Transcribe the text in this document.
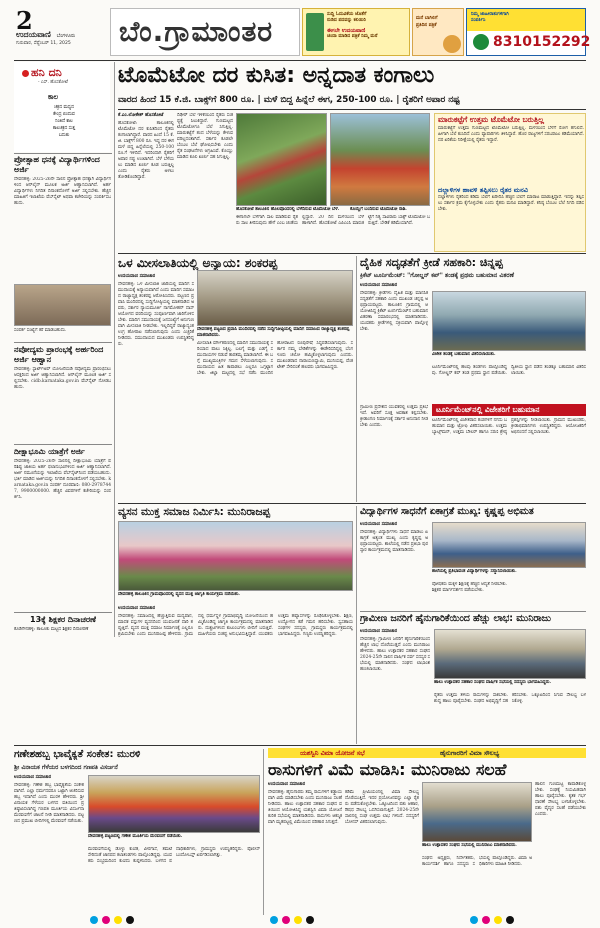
2
ಉದಯವಾಣಿ ಬೆಂಗಳೂರು
ಗುರುವಾರ, ಸೆಪ್ಟೆಂಬರ್ 11, 2025 ಬೆಂ.ಗ್ರಾಮಾಂತರ
ಸುದ್ದಿ ಓದುವಿಕೆಯ ಜೊತೆಗೆ
ನುಡಿದ ಪದವನ್ನು ಕಲಿಯಿರಿ
ಈಗಲೇ ಉದಯವಾಣಿ
ಚಂದಾ ಮಾಡಿದ ಪತ್ರಿಕೆ ನಿಮ್ಮ ಮನೆ
ಮನೆ ಬಾಗಿಲಿಗೆ
ಪ್ರತಿದಿನ ಪತ್ರಿಕೆ
ನಿಮ್ಮ ಜಾಹೀರಾತುಗಳಿಗಾಗಿ
ಸಂಪರ್ಕಿಸಿ
8310152292
ಹನಿ ದನಿ
- ಎಸ್. ಹೊಸಕೋಟೆ
ಕಾಲ
ಚಕ್ರದ ಮಧ್ಯದ
ಕೇಂದ್ರ ಬಿಂದುವ
ನಿಂತಿದೆ ಕಾಲ
ಕಾಲಚಕ್ರದ ಸುತ್ತ
ಬದುಕು
ಪ್ರೋತ್ಸಾಹ ಧನಕ್ಕೆ ವಿದ್ಯಾರ್ಥಿಗಳಿಂದ ಅರ್ಜಿ
ದೇವನಹಳ್ಳಿ: 2025-26ನೇ ಸಾಲಿನ ಪ್ರೋತ್ಸಾಹ ಧನಕ್ಕಾಗಿ ವಿದ್ಯಾರ್ಥಿಗಳಿಂದ ಆನ್‌ಲೈನ್ ಮೂಲಕ ಅರ್ಜಿ ಆಹ್ವಾನಿಸಲಾಗಿದೆ. ಅರ್ಹ ವಿದ್ಯಾರ್ಥಿಗಳು ನಿಗದಿತ ದಿನಾಂಕದೊಳಗೆ ಅರ್ಜಿ ಸಲ್ಲಿಸಬೇಕು. ಹೆಚ್ಚಿನ ಮಾಹಿತಿಗೆ ಇಲಾಖೆಯ ವೆಬ್‌ಸೈಟ್ ಅಥವಾ ಕಚೇರಿಯನ್ನು ಸಂಪರ್ಕಿಸಬಹುದು.
ಸಂಪರ್ಕ ಸಂಖ್ಯೆಗೆ ಕರೆ ಮಾಡಬಹುದು.
ನವೋದ್ಯಮ ಪ್ರಾರಂಭಕ್ಕೆ ಅರ್ಹರಿಂದ ಅರ್ಜಿ ಆಹ್ವಾನ
ದೇವನಹಳ್ಳಿ: ಸ್ಟಾರ್ಟ್‌ಅಪ್ ಯೋಜನೆಯಡಿ ನವೋದ್ಯಮ ಪ್ರಾರಂಭಿಸಲು ಆಸಕ್ತರಿಂದ ಅರ್ಜಿ ಆಹ್ವಾನಿಸಲಾಗಿದೆ. ಆನ್‌ಲೈನ್ ಮೂಲಕ ಅರ್ಜಿ ಸಲ್ಲಿಸಬೇಕು. cidb.karnataka.gov.in ವೆಬ್‌ಸೈಟ್ ನೋಡಬಹುದು.
ದೀಕ್ಷಾಭೂಮಿ ಯಾತ್ರೆಗೆ ಅರ್ಜಿ
ದೇವನಹಳ್ಳಿ: 2025-26ನೇ ಸಾಲಿನಲ್ಲಿ ದೀಕ್ಷಾಭೂಮಿ ಯಾತ್ರೆಗೆ ಪರಿಶಿಷ್ಟ ಜಾತಿಯ ಅರ್ಹ ಫಲಾನುಭವಿಗಳಿಂದ ಅರ್ಜಿ ಆಹ್ವಾನಿಸಲಾಗಿದೆ. ಅರ್ಜಿ ನಮೂನೆಯನ್ನು ಇಲಾಖೆಯ ವೆಬ್‌ಸೈಟ್‌ನಿಂದ ಪಡೆಯಬಹುದು. ಭರ್ತಿ ಮಾಡಿದ ಅರ್ಜಿಯನ್ನು ನಿಗದಿತ ದಿನಾಂಕದೊಳಗೆ ಸಲ್ಲಿಸಬೇಕು. karnataka.gov.in ಸಂಪರ್ಕ ದೂರವಾಣಿ: 080-29787447, 9900000000. ಹೆಚ್ಚಿನ ವಿವರಗಳಿಗೆ ಕಚೇರಿಯನ್ನು ಸಂಪರ್ಕಿಸಿ.
13ಕ್ಕೆ ಶಿಕ್ಷಕರ ದಿನಾಚರಣೆ
ಕೊಡಿಗೇನಹಳ್ಳಿ: ತಾಲೂಕು ಮಟ್ಟದ ಶಿಕ್ಷಕರ ದಿನಾಚರಣೆ
ಟೊಮೆಟೋ ದರ ಕುಸಿತ: ಅನ್ನದಾತ ಕಂಗಾಲು
ವಾರದ ಹಿಂದೆ 15 ಕೆ.ಜಿ. ಬಾಕ್ಸ್‌ಗೆ 800 ರೂ. | ಮಳೆ ಬಿದ್ದ ಹಿನ್ನೆಲೆ ಈಗ, 250-100 ರೂ. | ರೈತರಿಗೆ ಅಪಾರ ನಷ್ಟ
ಕೆ.ಎಂ.ಲೋಕೇಶ್ ಹೊಸಕೋಟೆ
ಹೊಸಕೋಟೆ: ತಾಲೂಕಿನಲ್ಲಿ ಟೊಮೆಟೋ ದರ ಕುಸಿತದಿಂದ ರೈತರು ಕಂಗಾಲಾಗಿದ್ದಾರೆ. ವಾರದ ಹಿಂದೆ 15 ಕೆ.ಜಿ. ಬಾಕ್ಸ್‌ಗೆ 800 ರೂ. ಇದ್ದ ದರ ಈಗ ಮಳೆ ಬಿದ್ದ ಹಿನ್ನೆಲೆಯಲ್ಲಿ 250-100 ರೂ.ಗೆ ಇಳಿದಿದೆ. ಇದರಿಂದಾಗಿ ರೈತರಿಗೆ ಅಪಾರ ನಷ್ಟ ಉಂಟಾಗಿದೆ. ಬೆಳೆ ಬೆಳೆಯಲು ಮಾಡಿದ ಖರ್ಚು ಕೂಡ ಬರುತ್ತಿಲ್ಲ ಎಂದು ರೈತರು ಅಳಲು ತೋಡಿಕೊಂಡಿದ್ದಾರೆ.
ದಿಢೀರ್ ಬೆಲೆ ಇಳಿಕೆಯಿಂದ ರೈತರು ಸಂಕಷ್ಟಕ್ಕೆ ಸಿಲುಕಿದ್ದಾರೆ. ಗುಣಮಟ್ಟದ ಟೊಮೆಟೋಗೂ ಬೆಲೆ ಸಿಗುತ್ತಿಲ್ಲ. ಮಾರುಕಟ್ಟೆಗೆ ತಂದ ಬೆಳೆಯನ್ನು ಕೇಳುವವರಿಲ್ಲದಂತಾಗಿದೆ. ಸರ್ಕಾರ ಕೂಡಲೇ ಬೆಂಬಲ ಬೆಲೆ ಘೋಷಿಸಬೇಕು ಎಂದು ರೈತ ಸಂಘಟನೆಗಳು ಆಗ್ರಹಿಸಿವೆ. ಕೊಯ್ಲು ಮಾಡಿದ ಕೂಲಿ ಖರ್ಚು ಸಹ ಸಿಗುತ್ತಿಲ್ಲ.
ಹೊಸಕೋಟೆ ತಾಲೂಕಿನ ಹೊಲವೊಂದರಲ್ಲಿ ಬೆಳೆದಿರುವ ಟೊಮೆಟೋ ಬೆಳೆ.	ಕೊಯ್ಲಿಗೆ ಬಂದಿರುವ ಟೊಮೆಟೋ ರಾಶಿ.
ಈಗಾಗಲೇ ಬೆಳೆಗಾಗಿ ಸಾಲ ಮಾಡಿರುವ ರೈತರು ಸಾಲ ತೀರಿಸುವುದು ಹೇಗೆ ಎಂಬ ಚಿಂತೆಯಲ್ಲಿದ್ದಾರೆ. 20 ದಿನ ಮಳೆಯಿಂದ ಬೆಳೆ ಹಾಳಾಗಿದೆ. ಹೊಸಕೋಟೆ ಎಪಿಎಂಸಿ ಮಾರುಕಟ್ಟೆಗೆ ನಿತ್ಯ ಸಾವಿರಾರು ಬಾಕ್ಸ್ ಟೊಮೆಟೋ ಬರುತ್ತಿದೆ. ಬೇಡಿಕೆ ಕಡಿಮೆಯಾಗಿದೆ.
ಮಾರುಕಟ್ಟೆಗೆ ಉತ್ತಮ ಟೊಮೆಟೋ ಬರುತ್ತಿಲ್ಲ
ಮಾರುಕಟ್ಟೆಗೆ ಉತ್ತಮ ಗುಣಮಟ್ಟದ ಟೊಮೆಟೋ ಬರುತ್ತಿಲ್ಲ. ಮಳೆಯಿಂದ ಬೆಳೆಗೆ ರೋಗ ತಗುಲಿದೆ. ಹೀಗಾಗಿ ಬೆಲೆ ಕುಸಿದಿದೆ ಎಂದು ವ್ಯಾಪಾರಿಗಳು ತಿಳಿಸಿದ್ದಾರೆ. ಹೊರ ರಾಜ್ಯಗಳಿಗೆ ಸರಬರಾಜು ಕಡಿಮೆಯಾಗಿದೆ. ದರ ಏರಿಕೆಯ ನಿರೀಕ್ಷೆಯಲ್ಲಿ ರೈತರು ಇದ್ದಾರೆ.
ದಲ್ಲಾಳಿಗಳ ಹಾವಳಿ ತಪ್ಪಿಸಲು ರೈತರ ಮನವಿ
ದಲ್ಲಾಳಿಗಳು ರೈತರಿಂದ ಕಡಿಮೆ ಬೆಲೆಗೆ ಖರೀದಿಸಿ ಹೆಚ್ಚಿನ ಬೆಲೆಗೆ ಮಾರಾಟ ಮಾಡುತ್ತಿದ್ದಾರೆ. ಇದನ್ನು ತಪ್ಪಿಸಲು ಸರ್ಕಾರ ಕ್ರಮ ಕೈಗೊಳ್ಳಬೇಕು ಎಂದು ರೈತರು ಮನವಿ ಮಾಡಿದ್ದಾರೆ. ಕನಿಷ್ಠ ಬೆಂಬಲ ಬೆಲೆ ನಿಗದಿ ಪಡಿಸಬೇಕು.
ಒಳ ಮೀಸಲಾತಿಯಲ್ಲಿ ಅನ್ಯಾಯ: ಶಂಕರಪ್ಪ
ಉದಯವಾಣಿ ಸಮಾಚಾರ
ದೇವನಹಳ್ಳಿ: ಒಳ ಮೀಸಲಾತಿ ಜಾರಿಯಲ್ಲಿ ಮಾದಿಗ ಸಮುದಾಯಕ್ಕೆ ಅನ್ಯಾಯವಾಗಿದೆ ಎಂದು ಮಾದಿಗ ಸಮಾಜದ ರಾಜ್ಯಾಧ್ಯಕ್ಷ ಶಂಕರಪ್ಪ ಆರೋಪಿಸಿದರು. ಪಟ್ಟಣದ ಪ್ರವಾಸಿ ಮಂದಿರದಲ್ಲಿ ಸುದ್ದಿಗೋಷ್ಠಿಯಲ್ಲಿ ಮಾತನಾಡಿದ ಅವರು, ಸರ್ಕಾರ ನ್ಯಾಯಮೂರ್ತಿ ನಾಗಮೋಹನ್ ದಾಸ್ ಆಯೋಗದ ವರದಿಯನ್ನು ಸಂಪೂರ್ಣವಾಗಿ ಜಾರಿಗೊಳಿಸಬೇಕು. ಮಾದಿಗ ಸಮುದಾಯಕ್ಕೆ ಜನಸಂಖ್ಯೆಗೆ ಅನುಗುಣವಾಗಿ ಮೀಸಲಾತಿ ನೀಡಬೇಕು. ಇಲ್ಲದಿದ್ದರೆ ರಾಜ್ಯಾದ್ಯಂತ ಉಗ್ರ ಹೋರಾಟ ನಡೆಸಲಾಗುವುದು ಎಂದು ಎಚ್ಚರಿಕೆ ನೀಡಿದರು. ಸಮುದಾಯದ ಮುಖಂಡರು ಉಪಸ್ಥಿತರಿದ್ದರು.
ದೇವನಹಳ್ಳಿ ಪಟ್ಟಣದ ಪ್ರವಾಸಿ ಮಂದಿರದಲ್ಲಿ ನಡೆದ ಸುದ್ದಿಗೋಷ್ಠಿಯಲ್ಲಿ ಮಾದಿಗ ಸಮಾಜದ ರಾಜ್ಯಾಧ್ಯಕ್ಷ ಶಂಕರಪ್ಪ ಮಾತನಾಡಿದರು.
ಮೀಸಲಾತಿ ವರ್ಗೀಕರಣದಲ್ಲಿ ಮಾದಿಗ ಸಮುದಾಯಕ್ಕೆ ಸರಿಯಾದ ಪಾಲು ಸಿಕ್ಕಿಲ್ಲ. ಬಲಗೈ ಮತ್ತು ಎಡಗೈ ಸಮುದಾಯಗಳ ನಡುವೆ ತಾರತಮ್ಯ ಮಾಡಲಾಗಿದೆ. ಈ ಬಗ್ಗೆ ಮುಖ್ಯಮಂತ್ರಿಗಳ ಗಮನ ಸೆಳೆಯಲಾಗುವುದು. ಸಮುದಾಯದ ಹಿತ ಕಾಪಾಡಲು ಎಲ್ಲರೂ ಒಗ್ಗಟ್ಟಾಗಬೇಕು. ಜಿಲ್ಲಾ ಮಟ್ಟದಲ್ಲಿ ಸಭೆ ನಡೆಸಿ ಮುಂದಿನ ಹೋರಾಟದ ರೂಪುರೇಷೆ ಸಿದ್ಧಪಡಿಸಲಾಗುವುದು. ಸರ್ಕಾರ ನಮ್ಮ ಬೇಡಿಕೆಗಳನ್ನು ಈಡೇರಿಸದಿದ್ದಲ್ಲಿ ಬೆಂಗಳೂರು ಚಲೋ ಹಮ್ಮಿಕೊಳ್ಳಲಾಗುವುದು ಎಂದರು. ಮುಖಂಡರಾದ ನಾರಾಯಣಸ್ವಾಮಿ, ಮುನಿಯಪ್ಪ, ವೆಂಕಟೇಶ್ ಸೇರಿದಂತೆ ಹಲವರು ಭಾಗವಹಿಸಿದ್ದರು.
ದೈಹಿಕ ಸದೃಢತೆಗೆ ಕ್ರೀಡೆ ಸಹಕಾರಿ: ಚಿನ್ನಪ್ಪ
ಕ್ರಿಕೆಟ್ ಟೂರ್ನಿಮೆಂಟ್: "ಗೋಲ್ಡನ್ ಕಪ್" ತಂಡಕ್ಕೆ ಪ್ರಥಮ ಬಹುಮಾನ ವಿತರಣೆ
ಉದಯವಾಣಿ ಸಮಾಚಾರ
ದೇವನಹಳ್ಳಿ: ಕ್ರೀಡೆಗಳು ದೈಹಿಕ ಮತ್ತು ಮಾನಸಿಕ ಸದೃಢತೆಗೆ ಸಹಕಾರಿ ಎಂದು ಮುಖಂಡ ಚಿನ್ನಪ್ಪ ಅಭಿಪ್ರಾಯಪಟ್ಟರು. ತಾಲೂಕಿನ ಗ್ರಾಮದಲ್ಲಿ ಆಯೋಜಿಸಿದ್ದ ಕ್ರಿಕೆಟ್ ಟೂರ್ನಿಮೆಂಟ್‌ನ ಬಹುಮಾನ ವಿತರಣಾ ಸಮಾರಂಭದಲ್ಲಿ ಮಾತನಾಡಿದರು. ಯುವಕರು ಕ್ರೀಡೆಗಳಲ್ಲಿ ಸಕ್ರಿಯವಾಗಿ ಪಾಲ್ಗೊಳ್ಳಬೇಕು.
ವಿಜೇತ ತಂಡಕ್ಕೆ ಬಹುಮಾನ ವಿತರಿಸಲಾಯಿತು.
ಟೂರ್ನಿಮೆಂಟ್‌ನಲ್ಲಿ ಹಲವು ತಂಡಗಳು ಪಾಲ್ಗೊಂಡಿದ್ದವು. ಗೋಲ್ಡನ್ ಕಪ್ ತಂಡ ಪ್ರಥಮ ಸ್ಥಾನ ಪಡೆಯಿತು. ದ್ವಿತೀಯ ಸ್ಥಾನ ಪಡೆದ ತಂಡಕ್ಕೂ ಬಹುಮಾನ ವಿತರಿಸಲಾಯಿತು.
ಟೂರ್ನಿಮೆಂಟ್‌ನಲ್ಲಿ ವಿಜೇತರಿಗೆ ಬಹುಮಾನ
ಗ್ರಾಮೀಣ ಪ್ರದೇಶದ ಯುವಕರಲ್ಲಿ ಉತ್ತಮ ಪ್ರತಿಭೆ ಇದೆ. ಅವರಿಗೆ ಸೂಕ್ತ ಅವಕಾಶ ಕಲ್ಪಿಸಬೇಕು. ಕ್ರೀಡಾಂಗಣ ನಿರ್ಮಾಣಕ್ಕೆ ಸರ್ಕಾರ ಅನುದಾನ ನೀಡಬೇಕು ಎಂದರು.
ಟೂರ್ನಿಮೆಂಟ್‌ನಲ್ಲಿ ವಿಜೇತರಾದ ತಂಡಗಳಿಗೆ ನಗದು ಬಹುಮಾನ ಮತ್ತು ಟ್ರೋಫಿ ವಿತರಿಸಲಾಯಿತು. ಉತ್ತಮ ಬ್ಯಾಟ್ಸ್‌ಮನ್, ಉತ್ತಮ ಬೌಲರ್ ಹಾಗೂ ಸರಣಿ ಶ್ರೇಷ್ಠ ಪ್ರಶಸ್ತಿಗಳನ್ನು ನೀಡಲಾಯಿತು. ಗ್ರಾಮದ ಮುಖಂಡರು, ಕ್ರೀಡಾಭಿಮಾನಿಗಳು ಉಪಸ್ಥಿತರಿದ್ದರು. ಆಯೋಜಕರಿಗೆ ಅಭಿನಂದನೆ ಸಲ್ಲಿಸಲಾಯಿತು.
ವ್ಯಸನ ಮುಕ್ತ ಸಮಾಜ ನಿರ್ಮಿಸಿ: ಮುನಿರಾಜಪ್ಪ
ದೇವನಹಳ್ಳಿ ತಾಲೂಕಿನ ಗ್ರಾಮವೊಂದರಲ್ಲಿ ವ್ಯಸನ ಮುಕ್ತ ಜಾಗೃತಿ ಕಾರ್ಯಕ್ರಮ ನಡೆಯಿತು.
ಉದಯವಾಣಿ ಸಮಾಚಾರ
ದೇವನಹಳ್ಳಿ: ಸಮಾಜದಲ್ಲಿ ಹೆಚ್ಚುತ್ತಿರುವ ಮದ್ಯಪಾನ, ಮಾದಕ ವಸ್ತುಗಳ ವ್ಯಸನದಿಂದ ಯುವಜನತೆ ದಾರಿ ತಪ್ಪುತ್ತಿದೆ. ವ್ಯಸನ ಮುಕ್ತ ಸಮಾಜ ನಿರ್ಮಾಣಕ್ಕೆ ಎಲ್ಲರೂ ಶ್ರಮಿಸಬೇಕು ಎಂದು ಮುನಿರಾಜಪ್ಪ ಹೇಳಿದರು. ಗ್ರಾಮದಲ್ಲಿ ಧರ್ಮಸ್ಥಳ ಗ್ರಾಮಾಭಿವೃದ್ಧಿ ಯೋಜನೆಯಿಂದ ಹಮ್ಮಿಕೊಂಡಿದ್ದ ಜಾಗೃತಿ ಕಾರ್ಯಕ್ರಮದಲ್ಲಿ ಮಾತನಾಡಿದರು. ದುಶ್ಚಟಗಳಿಂದ ಕುಟುಂಬಗಳು ಬೀದಿಗೆ ಬರುತ್ತಿವೆ. ಮಹಿಳೆಯರು ಸಂಕಷ್ಟ ಅನುಭವಿಸುತ್ತಿದ್ದಾರೆ. ಯುವಕರು ಉತ್ತಮ ಹವ್ಯಾಸಗಳನ್ನು ರೂಢಿಸಿಕೊಳ್ಳಬೇಕು. ಶಿಕ್ಷಣ, ಉದ್ಯೋಗದ ಕಡೆ ಗಮನ ಹರಿಸಬೇಕು. ಸ್ವಸಹಾಯ ಸಂಘಗಳ ಸದಸ್ಯರು, ಗ್ರಾಮಸ್ಥರು ಕಾರ್ಯಕ್ರಮದಲ್ಲಿ ಭಾಗವಹಿಸಿದ್ದರು. ಗಣ್ಯರು ಉಪಸ್ಥಿತರಿದ್ದರು.
ವಿದ್ಯಾರ್ಥಿಗಳ ಸಾಧನೆಗೆ ಏಕಾಗ್ರತೆ ಮುಖ್ಯ: ಕೃಷ್ಣಪ್ಪ ಅಭಿಮತ
ಉದಯವಾಣಿ ಸಮಾಚಾರ
ದೇವನಹಳ್ಳಿ: ವಿದ್ಯಾರ್ಥಿಗಳು ಸಾಧನೆ ಮಾಡಲು ಏಕಾಗ್ರತೆ ಅತ್ಯಂತ ಮುಖ್ಯ ಎಂದು ಕೃಷ್ಣಪ್ಪ ಅಭಿಪ್ರಾಯಪಟ್ಟರು. ಶಾಲೆಯಲ್ಲಿ ನಡೆದ ಪ್ರತಿಭಾ ಪುರಸ್ಕಾರ ಕಾರ್ಯಕ್ರಮದಲ್ಲಿ ಮಾತನಾಡಿದರು.
ಶಾಲೆಯಲ್ಲಿ ಪ್ರತಿಭಾವಂತ ವಿದ್ಯಾರ್ಥಿಗಳನ್ನು ಸನ್ಮಾನಿಸಲಾಯಿತು.
ಪೋಷಕರು ಮಕ್ಕಳ ಶಿಕ್ಷಣಕ್ಕೆ ಹೆಚ್ಚಿನ ಆದ್ಯತೆ ನೀಡಬೇಕು. ಶಿಕ್ಷಕರ ಮಾರ್ಗದರ್ಶನ ಪಡೆಯಬೇಕು.
ಗ್ರಾಮೀಣ ಜನರಿಗೆ ಹೈನುಗಾರಿಕೆಯಿಂದ ಹೆಚ್ಚು ಲಾಭ: ಮುನಿರಾಜು
ಉದಯವಾಣಿ ಸಮಾಚಾರ
ದೇವನಹಳ್ಳಿ: ಗ್ರಾಮೀಣ ಜನರಿಗೆ ಹೈನುಗಾರಿಕೆಯಿಂದ ಹೆಚ್ಚಿನ ಲಾಭ ದೊರೆಯುತ್ತದೆ ಎಂದು ಮುನಿರಾಜು ಹೇಳಿದರು. ಹಾಲು ಉತ್ಪಾದಕರ ಸಹಕಾರ ಸಂಘದ 2024-25ನೇ ಸಾಲಿನ ವಾರ್ಷಿಕ ಸರ್ವ ಸದಸ್ಯರ ಸಭೆಯಲ್ಲಿ ಮಾತನಾಡಿದರು. ಸಂಘದ ಲಾಭಾಂಶ ಹಂಚಲಾಯಿತು.
ಹಾಲು ಉತ್ಪಾದಕರ ಸಹಕಾರ ಸಂಘದ ವಾರ್ಷಿಕ ಸಭೆಯಲ್ಲಿ ಸದಸ್ಯರು ಭಾಗವಹಿಸಿದ್ದರು.
ರೈತರು ಉತ್ತಮ ತಳಿಯ ರಾಸುಗಳನ್ನು ಸಾಕಬೇಕು. ಶುದ್ಧ ಹಾಲು ಪೂರೈಸಬೇಕು. ಸಂಘದ ಅಭಿವೃದ್ಧಿಗೆ ಸಹಕರಿಸಬೇಕು. ಒಕ್ಕೂಟದಿಂದ ಸಿಗುವ ಸೌಲಭ್ಯ ಬಳಸಿಕೊಳ್ಳಿ.
ಗಣೇಶಹಬ್ಬ ಭಾವೈಕ್ಯತೆ ಸಂಕೇತ: ಮುರಳಿ
ಶ್ರೀ ವಿನಾಯಕ ಗೆಳೆಯರ ಬಳಗದಿಂದ ಗಣಪತಿ ವಿಸರ್ಜನೆ
ಉದಯವಾಣಿ ಸಮಾಚಾರ
ದೇವನಹಳ್ಳಿ: ಗಣೇಶ ಹಬ್ಬ ಭಾವೈಕ್ಯತೆಯ ಸಂಕೇತವಾಗಿದೆ. ಎಲ್ಲಾ ಧರ್ಮದವರೂ ಒಟ್ಟಾಗಿ ಆಚರಿಸುವ ಹಬ್ಬ ಇದಾಗಿದೆ ಎಂದು ಮುರಳಿ ಹೇಳಿದರು. ಶ್ರೀ ವಿನಾಯಕ ಗೆಳೆಯರ ಬಳಗದ ವತಿಯಿಂದ ಪ್ರತಿಷ್ಠಾಪಿಸಲಾಗಿದ್ದ ಗಣಪತಿ ಮೂರ್ತಿಯ ವಿಸರ್ಜನಾ ಮೆರವಣಿಗೆಗೆ ಚಾಲನೆ ನೀಡಿ ಮಾತನಾಡಿದರು. ಪಟ್ಟಣದ ಪ್ರಮುಖ ಬೀದಿಗಳಲ್ಲಿ ಮೆರವಣಿಗೆ ನಡೆಯಿತು.
ದೇವನಹಳ್ಳಿ ಪಟ್ಟಣದಲ್ಲಿ ಗಣೇಶ ಮೂರ್ತಿಯ ಮೆರವಣಿಗೆ ನಡೆಯಿತು.
ಮೆರವಣಿಗೆಯಲ್ಲಿ ಡೊಳ್ಳು ಕುಣಿತ, ವೀರಗಾಸೆ, ತಮಟೆ ಸೇರಿದಂತೆ ಜಾನಪದ ಕಲಾತಂಡಗಳು ಪಾಲ್ಗೊಂಡಿದ್ದವು. ಯುವಕರು ಸಂಭ್ರಮದಿಂದ ಕುಣಿದು ಕುಪ್ಪಳಿಸಿದರು. ಬಳಗದ ಪದಾಧಿಕಾರಿಗಳು, ಗ್ರಾಮಸ್ಥರು ಉಪಸ್ಥಿತರಿದ್ದರು. ಪೊಲೀಸ್ ಬಂದೋಬಸ್ತ್ ಏರ್ಪಡಿಸಲಾಗಿತ್ತು.
ಯಶಸ್ವಿನಿ ವಿಮಾ ಯೋಜನೆ ಸಭೆ	ಹೈನುಗಾರರಿಗೆ ವಿಮಾ ಸೌಲಭ್ಯ
ರಾಸುಗಳಿಗೆ ವಿಮೆ ಮಾಡಿಸಿ: ಮುನಿರಾಜು ಸಲಹೆ
ಉದಯವಾಣಿ ಸಮಾಚಾರ
ದೇವನಹಳ್ಳಿ: ಹೈನುಗಾರರು ತಮ್ಮ ರಾಸುಗಳಿಗೆ ಕಡ್ಡಾಯವಾಗಿ ವಿಮೆ ಮಾಡಿಸಬೇಕು ಎಂದು ಮುನಿರಾಜು ಸಲಹೆ ನೀಡಿದರು. ಹಾಲು ಉತ್ಪಾದಕರ ಸಹಕಾರ ಸಂಘದ ವತಿಯಿಂದ ಆಯೋಜಿಸಿದ್ದ ಯಶಸ್ವಿನಿ ವಿಮಾ ಯೋಜನೆ ಕುರಿತ ಸಭೆಯಲ್ಲಿ ಮಾತನಾಡಿದರು. ರಾಸುಗಳು ಆಕಸ್ಮಿಕವಾಗಿ ಮೃತಪಟ್ಟಲ್ಲಿ ವಿಮೆಯಿಂದ ಪರಿಹಾರ ಸಿಗುತ್ತದೆ.
ಕಡಿಮೆ ಪ್ರೀಮಿಯಂನಲ್ಲಿ ವಿಮಾ ಸೌಲಭ್ಯ ದೊರೆಯುತ್ತಿದೆ. ಇದರ ಪ್ರಯೋಜನವನ್ನು ಎಲ್ಲಾ ರೈತರು ಪಡೆದುಕೊಳ್ಳಬೇಕು. ಒಕ್ಕೂಟದಿಂದ ಪಶು ಆಹಾರ, ಔಷಧ ಸೌಲಭ್ಯ ಒದಗಿಸಲಾಗುತ್ತಿದೆ. 2024-25ನೇ ಸಾಲಿನಲ್ಲಿ ಸಂಘ ಉತ್ತಮ ಲಾಭ ಗಳಿಸಿದೆ. ಸದಸ್ಯರಿಗೆ ಬೋನಸ್ ವಿತರಿಸಲಾಗುವುದು.
ಹಾಲು ಉತ್ಪಾದಕರ ಸಂಘದ ಸಭೆಯಲ್ಲಿ ಮುನಿರಾಜು ಮಾತನಾಡಿದರು.
ಸಂಘದ ಅಧ್ಯಕ್ಷರು, ನಿರ್ದೇಶಕರು, ಕಾರ್ಯದರ್ಶಿ ಹಾಗೂ ಸದಸ್ಯರು ಸಭೆಯಲ್ಲಿ ಪಾಲ್ಗೊಂಡಿದ್ದರು. ವಿಮಾ ಅಧಿಕಾರಿಗಳು ಮಾಹಿತಿ ನೀಡಿದರು.
ಹಾಲಿನ ಗುಣಮಟ್ಟ ಕಾಪಾಡಿಕೊಳ್ಳಬೇಕು. ಸಂಘಕ್ಕೆ ನಿಯಮಿತವಾಗಿ ಹಾಲು ಪೂರೈಸಬೇಕು. ಕೃತಕ ಗರ್ಭಧಾರಣೆ ಸೌಲಭ್ಯ ಬಳಸಿಕೊಳ್ಳಬೇಕು. ಪಶು ವೈದ್ಯರ ಸಲಹೆ ಪಡೆಯಬೇಕು ಎಂದರು.
